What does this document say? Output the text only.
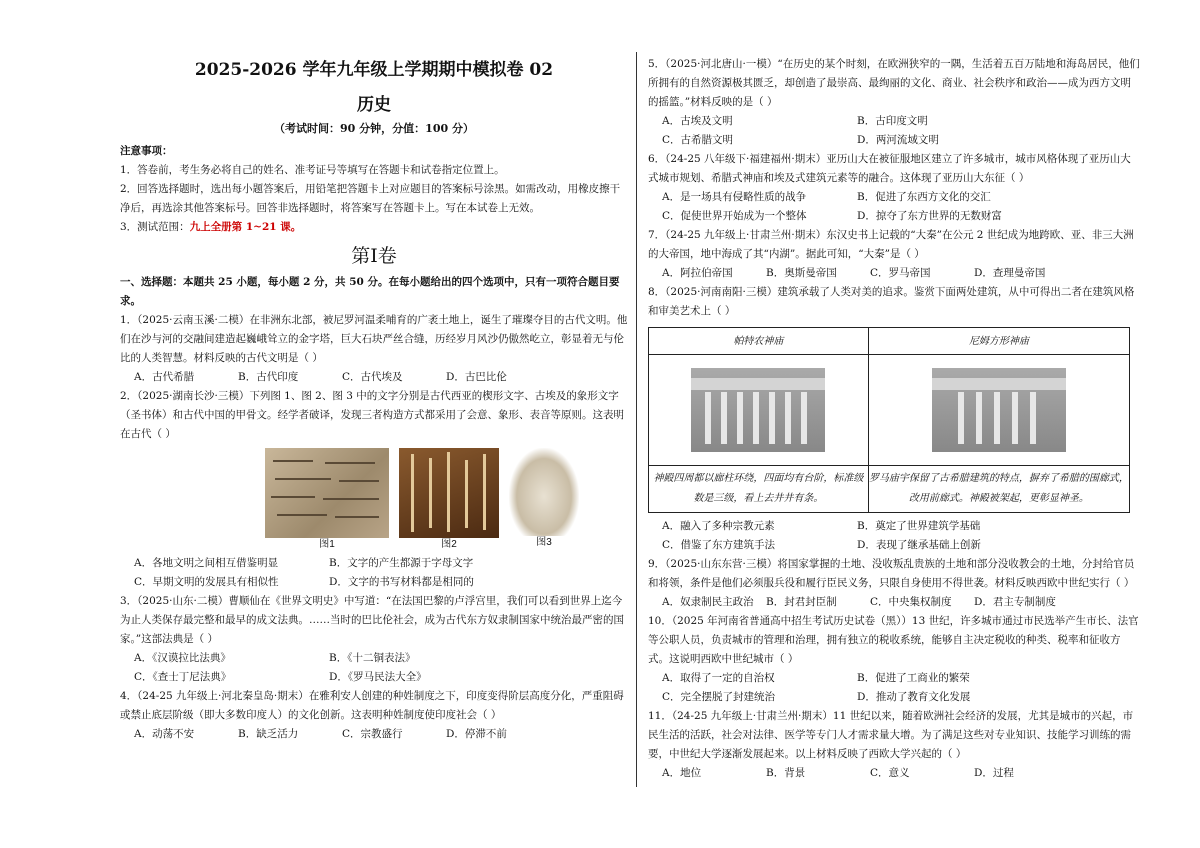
2025-2026 学年九年级上学期期中模拟卷 02
历史
（考试时间：90 分钟，分值：100 分）
注意事项：
1．答卷前，考生务必将自己的姓名、准考证号等填写在答题卡和试卷指定位置上。
2．回答选择题时，选出每小题答案后，用铅笔把答题卡上对应题目的答案标号涂黑。如需改动，用橡皮擦干净后，再选涂其他答案标号。回答非选择题时，将答案写在答题卡上。写在本试卷上无效。
3．测试范围：九上全册第 1~21 课。
第Ⅰ卷
一、选择题：本题共 25 小题，每小题 2 分，共 50 分。在每小题给出的四个选项中，只有一项符合题目要求。
1．（2025·云南玉溪·二模）在非洲东北部，被尼罗河温柔哺育的广袤土地上，诞生了璀璨夺目的古代文明。他们在沙与河的交融间建造起巍峨耸立的金字塔，巨大石块严丝合缝，历经岁月风沙仍傲然屹立，彰显着无与伦比的人类智慧。材料反映的古代文明是（ ）
A．古代希腊	B．古代印度	C．古代埃及	D．古巴比伦
2．（2025·湖南长沙·三模）下列图 1、图 2、图 3 中的文字分别是古代西亚的楔形文字、古埃及的象形文字（圣书体）和古代中国的甲骨文。经学者破译，发现三者构造方式都采用了会意、象形、表音等原则。这表明在古代（ ）
图1	图2	图3
A．各地文明之间相互借鉴明显	B．文字的产生都源于字母文字
C．早期文明的发展具有相似性	D．文字的书写材料都是相同的
3．（2025·山东·二模）曹顺仙在《世界文明史》中写道：“在法国巴黎的卢浮宫里，我们可以看到世界上迄今为止人类保存最完整和最早的成文法典。……当时的巴比伦社会，成为古代东方奴隶制国家中统治最严密的国家。”这部法典是（ ）
A．《汉谟拉比法典》	B．《十二铜表法》
C．《查士丁尼法典》	D．《罗马民法大全》
4．（24-25 九年级上·河北秦皇岛·期末）在雅利安人创建的种姓制度之下，印度变得阶层高度分化，严重阻碍或禁止底层阶级（即大多数印度人）的文化创新。这表明种姓制度使印度社会（ ）
A．动荡不安	B．缺乏活力	C．宗教盛行	D．停滞不前
5．（2025·河北唐山·一模）“在历史的某个时刻，在欧洲狭窄的一隅，生活着五百万陆地和海岛居民，他们所拥有的自然资源极其匮乏，却创造了最崇高、最绚丽的文化、商业、社会秩序和政治——成为西方文明的摇篮。”材料反映的是（ ）
A．古埃及文明	B．古印度文明
C．古希腊文明	D．两河流域文明
6．（24-25 八年级下·福建福州·期末）亚历山大在被征服地区建立了许多城市，城市风格体现了亚历山大式城市规划、希腊式神庙和埃及式建筑元素等的融合。这体现了亚历山大东征（ ）
A．是一场具有侵略性质的战争	B．促进了东西方文化的交汇
C．促使世界开始成为一个整体	D．掠夺了东方世界的无数财富
7．（24-25 九年级上·甘肃兰州·期末）东汉史书上记载的“大秦”在公元 2 世纪成为地跨欧、亚、非三大洲的大帝国，地中海成了其“内湖”。据此可知，“大秦”是（ ）
A．阿拉伯帝国	B．奥斯曼帝国	C．罗马帝国	D．查理曼帝国
8．（2025·河南南阳·三模）建筑承载了人类对美的追求。鉴赏下面两处建筑，从中可得出二者在建筑风格和审美艺术上（ ）
帕特农神庙	尼姆方形神庙

神殿四周都以廊柱环绕，四面均有台阶，标准级数是三级，看上去井井有条。	罗马庙宇保留了古希腊建筑的特点，摒弃了希腊的围廊式，改用前廊式。神殿被架起，更彰显神圣。
A．融入了多种宗教元素	B．奠定了世界建筑学基础
C．借鉴了东方建筑手法	D．表现了继承基础上创新
9．（2025·山东东营·三模）将国家掌握的土地、没收叛乱贵族的土地和部分没收教会的土地，分封给官员和将领，条件是他们必须服兵役和履行臣民义务，只限自身使用不得世袭。材料反映西欧中世纪实行（ ）
A．奴隶制民主政治	B．封君封臣制	C．中央集权制度	D．君主专制制度
10．（2025 年河南省普通高中招生考试历史试卷（黑））13 世纪，许多城市通过市民选举产生市长、法官等公职人员，负责城市的管理和治理，拥有独立的税收系统，能够自主决定税收的种类、税率和征收方式。这说明西欧中世纪城市（ ）
A．取得了一定的自治权	B．促进了工商业的繁荣
C．完全摆脱了封建统治	D．推动了教育文化发展
11．（24-25 九年级上·甘肃兰州·期末）11 世纪以来，随着欧洲社会经济的发展，尤其是城市的兴起，市民生活的活跃，社会对法律、医学等专门人才需求量大增。为了满足这些对专业知识、技能学习训练的需要，中世纪大学逐渐发展起来。以上材料反映了西欧大学兴起的（ ）
A．地位	B．背景	C．意义	D．过程
